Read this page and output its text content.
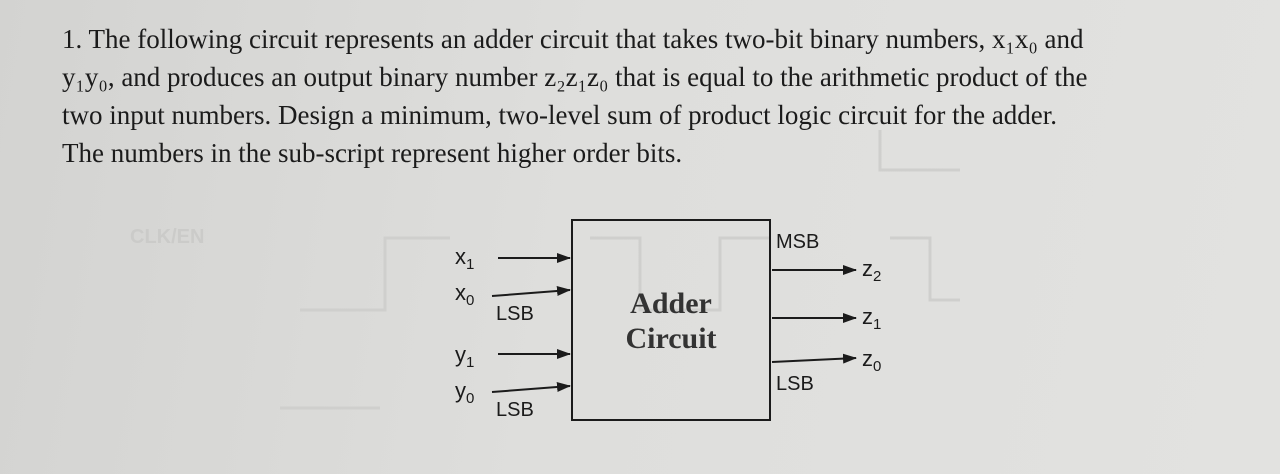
1. The following circuit represents an adder circuit that takes two-bit binary numbers, x₁x₀ and

y₁y₀, and produces an output binary number z₂z₁z₀ that is equal to the arithmetic product of the

two input numbers. Design a minimum, two-level sum of product logic circuit for the adder.

The numbers in the sub-script represent higher order bits.

CLK/EN
Adder
Circuit
$x_1$
$x_0$
$y_1$
$y_0$
LSB
LSB
MSB
LSB
$z_2$
$z_1$
$z_0$
